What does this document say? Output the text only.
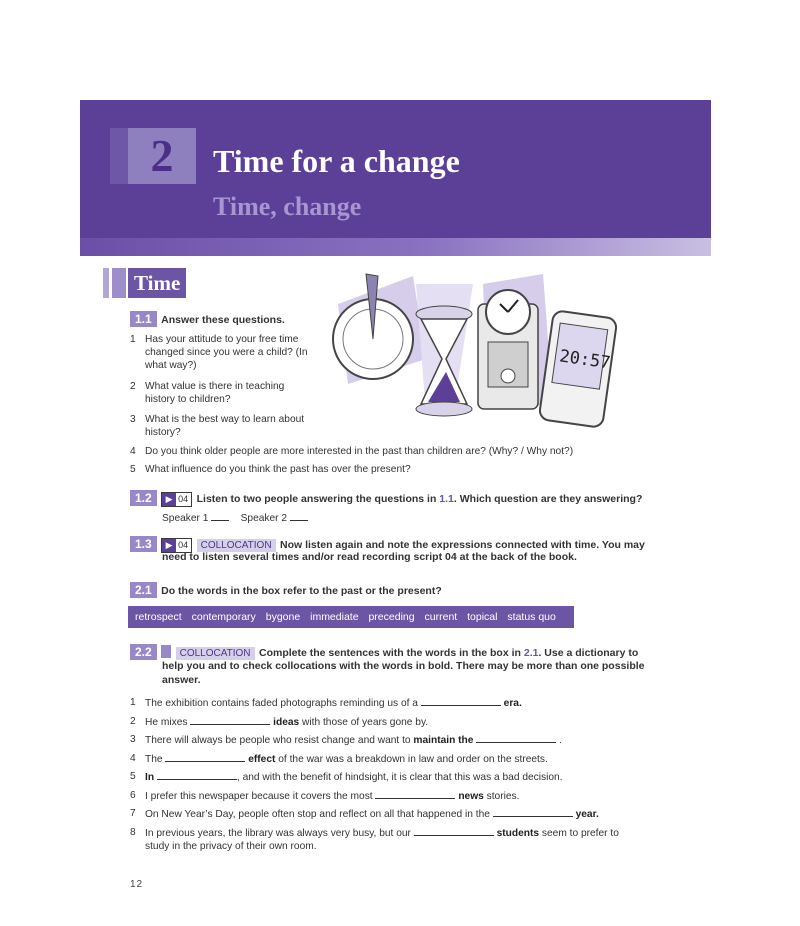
2	Time for a change
Time, change
Time
20:57
1.1 Answer these questions.
1 Has your attitude to your free time
changed since you were a child? (In
what way?)
2 What value is there in teaching
history to children?
3 What is the best way to learn about
history?
4 Do you think older people are more interested in the past than children are? (Why? / Why not?)
5 What influence do you think the past has over the present?
1.2 ▶ 04 Listen to two people answering the questions in 1.1. Which question are they answering?
Speaker 1	Speaker 2
1.3 ▶ 04 COLLOCATION Now listen again and note the expressions connected with time. You may
need to listen several times and/or read recording script 04 at the back of the book.
2.1 Do the words in the box refer to the past or the present?
retrospect contemporary bygone immediate preceding current topical status quo
2.2	COLLOCATION Complete the sentences with the words in the box in 2.1. Use a dictionary to
help you and to check collocations with the words in bold. There may be more than one possible
answer.
1 The exhibition contains faded photographs reminding us of a	era.
2 He mixes	ideas with those of years gone by.
3 There will always be people who resist change and want to maintain the	.
4 The	effect of the war was a breakdown in law and order on the streets.
5 In	, and with the benefit of hindsight, it is clear that this was a bad decision.
6 I prefer this newspaper because it covers the most	news stories.
7 On New Year’s Day, people often stop and reflect on all that happened in the	year.
8 In previous years, the library was always very busy, but our	students seem to prefer to
study in the privacy of their own room.
12
